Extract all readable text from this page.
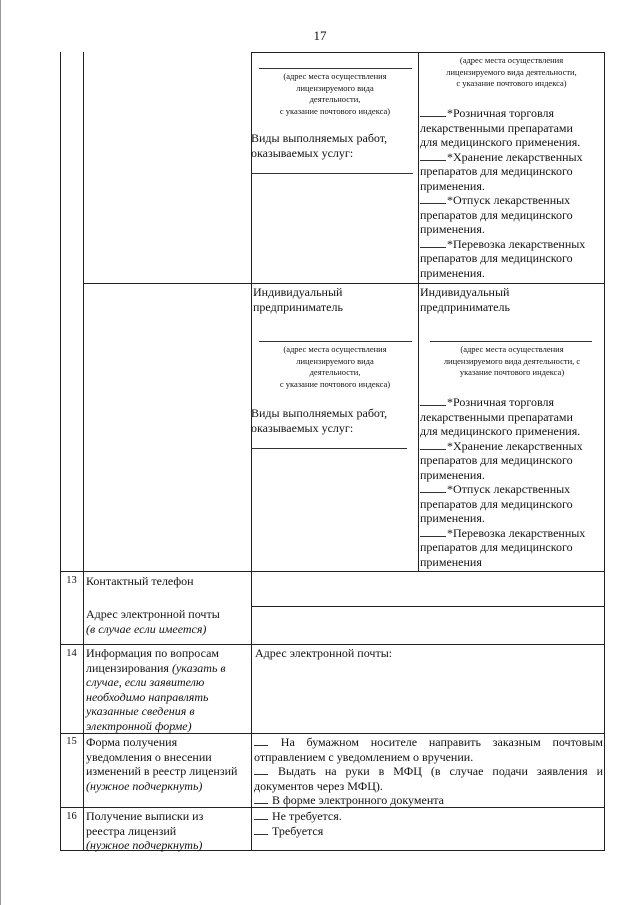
17
(адрес места осуществления
лицензируемого вида
деятельности,
с указание почтового индекса)
Виды выполняемых работ,
оказываемых услуг:
(адрес места осуществления
лицензируемого вида деятельности,
с указание почтового индекса)
*Розничная торговля
лекарственными препаратами
для медицинского применения.
*Хранение лекарственных
препаратов для медицинского
применения.
*Отпуск лекарственных
препаратов для медицинского
применения.
*Перевозка лекарственных
препаратов для медицинского
применения.
Индивидуальный
предприниматель
(адрес места осуществления
лицензируемого вида
деятельности,
с указание почтового индекса)
Виды выполняемых работ,
оказываемых услуг:
Индивидуальный
предприниматель
(адрес места осуществления
лицензируемого вида деятельности, с
указание почтового индекса)
*Розничная торговля
лекарственными препаратами
для медицинского применения.
*Хранение лекарственных
препаратов для медицинского
применения.
*Отпуск лекарственных
препаратов для медицинского
применения.
*Перевозка лекарственных
препаратов для медицинского
применения
13 Контактный телефон
Адрес электронной почты
(в случае если имеется)
14 Информация по вопросам
лицензирования (указать в
случае, если заявителю
необходимо направлять
указанные сведения в
электронной форме)
Адрес электронной почты:
15 Форма получения
уведомления о внесении
изменений в реестр лицензий
(нужное подчеркнуть)
На бумажном носителе направить заказным почтовым
отправлением с уведомлением о вручении.
Выдать на руки в МФЦ (в случае подачи заявления и
документов через МФЦ).
В форме электронного документа
16 Получение выписки из
реестра лицензий
(нужное подчеркнуть)
Не требуется.
Требуется
